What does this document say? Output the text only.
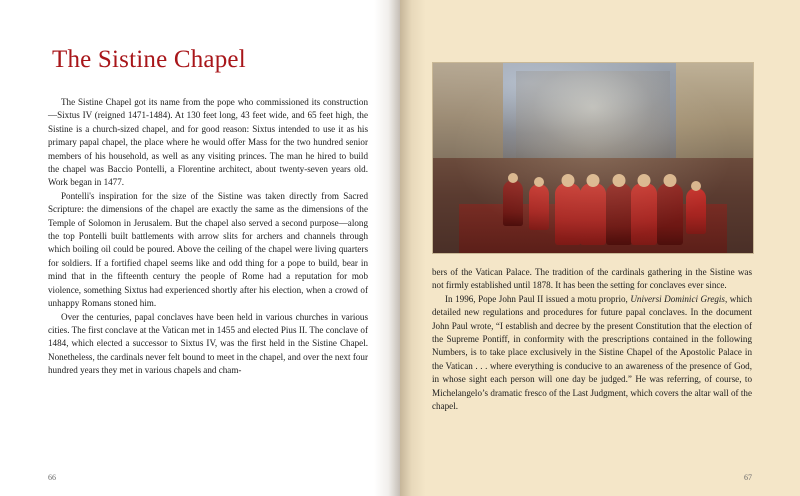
The Sistine Chapel

The Sistine Chapel got its name from the pope who commissioned its construction—Sixtus IV (reigned 1471-1484). At 130 feet long, 43 feet wide, and 65 feet high, the Sistine is a church-sized chapel, and for good reason: Sixtus intended to use it as his primary papal chapel, the place where he would offer Mass for the two hundred senior members of his household, as well as any visiting princes. The man he hired to build the chapel was Baccio Pontelli, a Florentine architect, about twenty-seven years old. Work began in 1477.

Pontelli's inspiration for the size of the Sistine was taken directly from Sacred Scripture: the dimensions of the chapel are exactly the same as the dimensions of the Temple of Solomon in Jerusalem. But the chapel also served a second purpose—along the top Pontelli built battlements with arrow slits for archers and channels through which boiling oil could be poured. Above the ceiling of the chapel were living quarters for soldiers. If a fortified chapel seems like and odd thing for a pope to build, bear in mind that in the fifteenth century the people of Rome had a reputation for mob violence, something Sixtus had experienced shortly after his election, when a crowd of unhappy Romans stoned him.

Over the centuries, papal conclaves have been held in various churches in various cities. The first conclave at the Vatican met in 1455 and elected Pius II. The conclave of 1484, which elected a successor to Sixtus IV, was the first held in the Sistine Chapel. Nonetheless, the cardinals never felt bound to meet in the chapel, and over the next four hundred years they met in various chapels and cham-

66

bers of the Vatican Palace. The tradition of the cardinals gathering in the Sistine was not firmly established until 1878. It has been the setting for conclaves ever since.

In 1996, Pope John Paul II issued a motu proprio, Universi Dominici Gregis, which detailed new regulations and procedures for future papal conclaves. In the document John Paul wrote, “I establish and decree by the present Constitution that the election of the Supreme Pontiff, in conformity with the prescriptions contained in the following Numbers, is to take place exclusively in the Sistine Chapel of the Apostolic Palace in the Vatican . . . where everything is conducive to an awareness of the presence of God, in whose sight each person will one day be judged.” He was referring, of course, to Michelangelo’s dramatic fresco of the Last Judgment, which covers the altar wall of the chapel.

67
